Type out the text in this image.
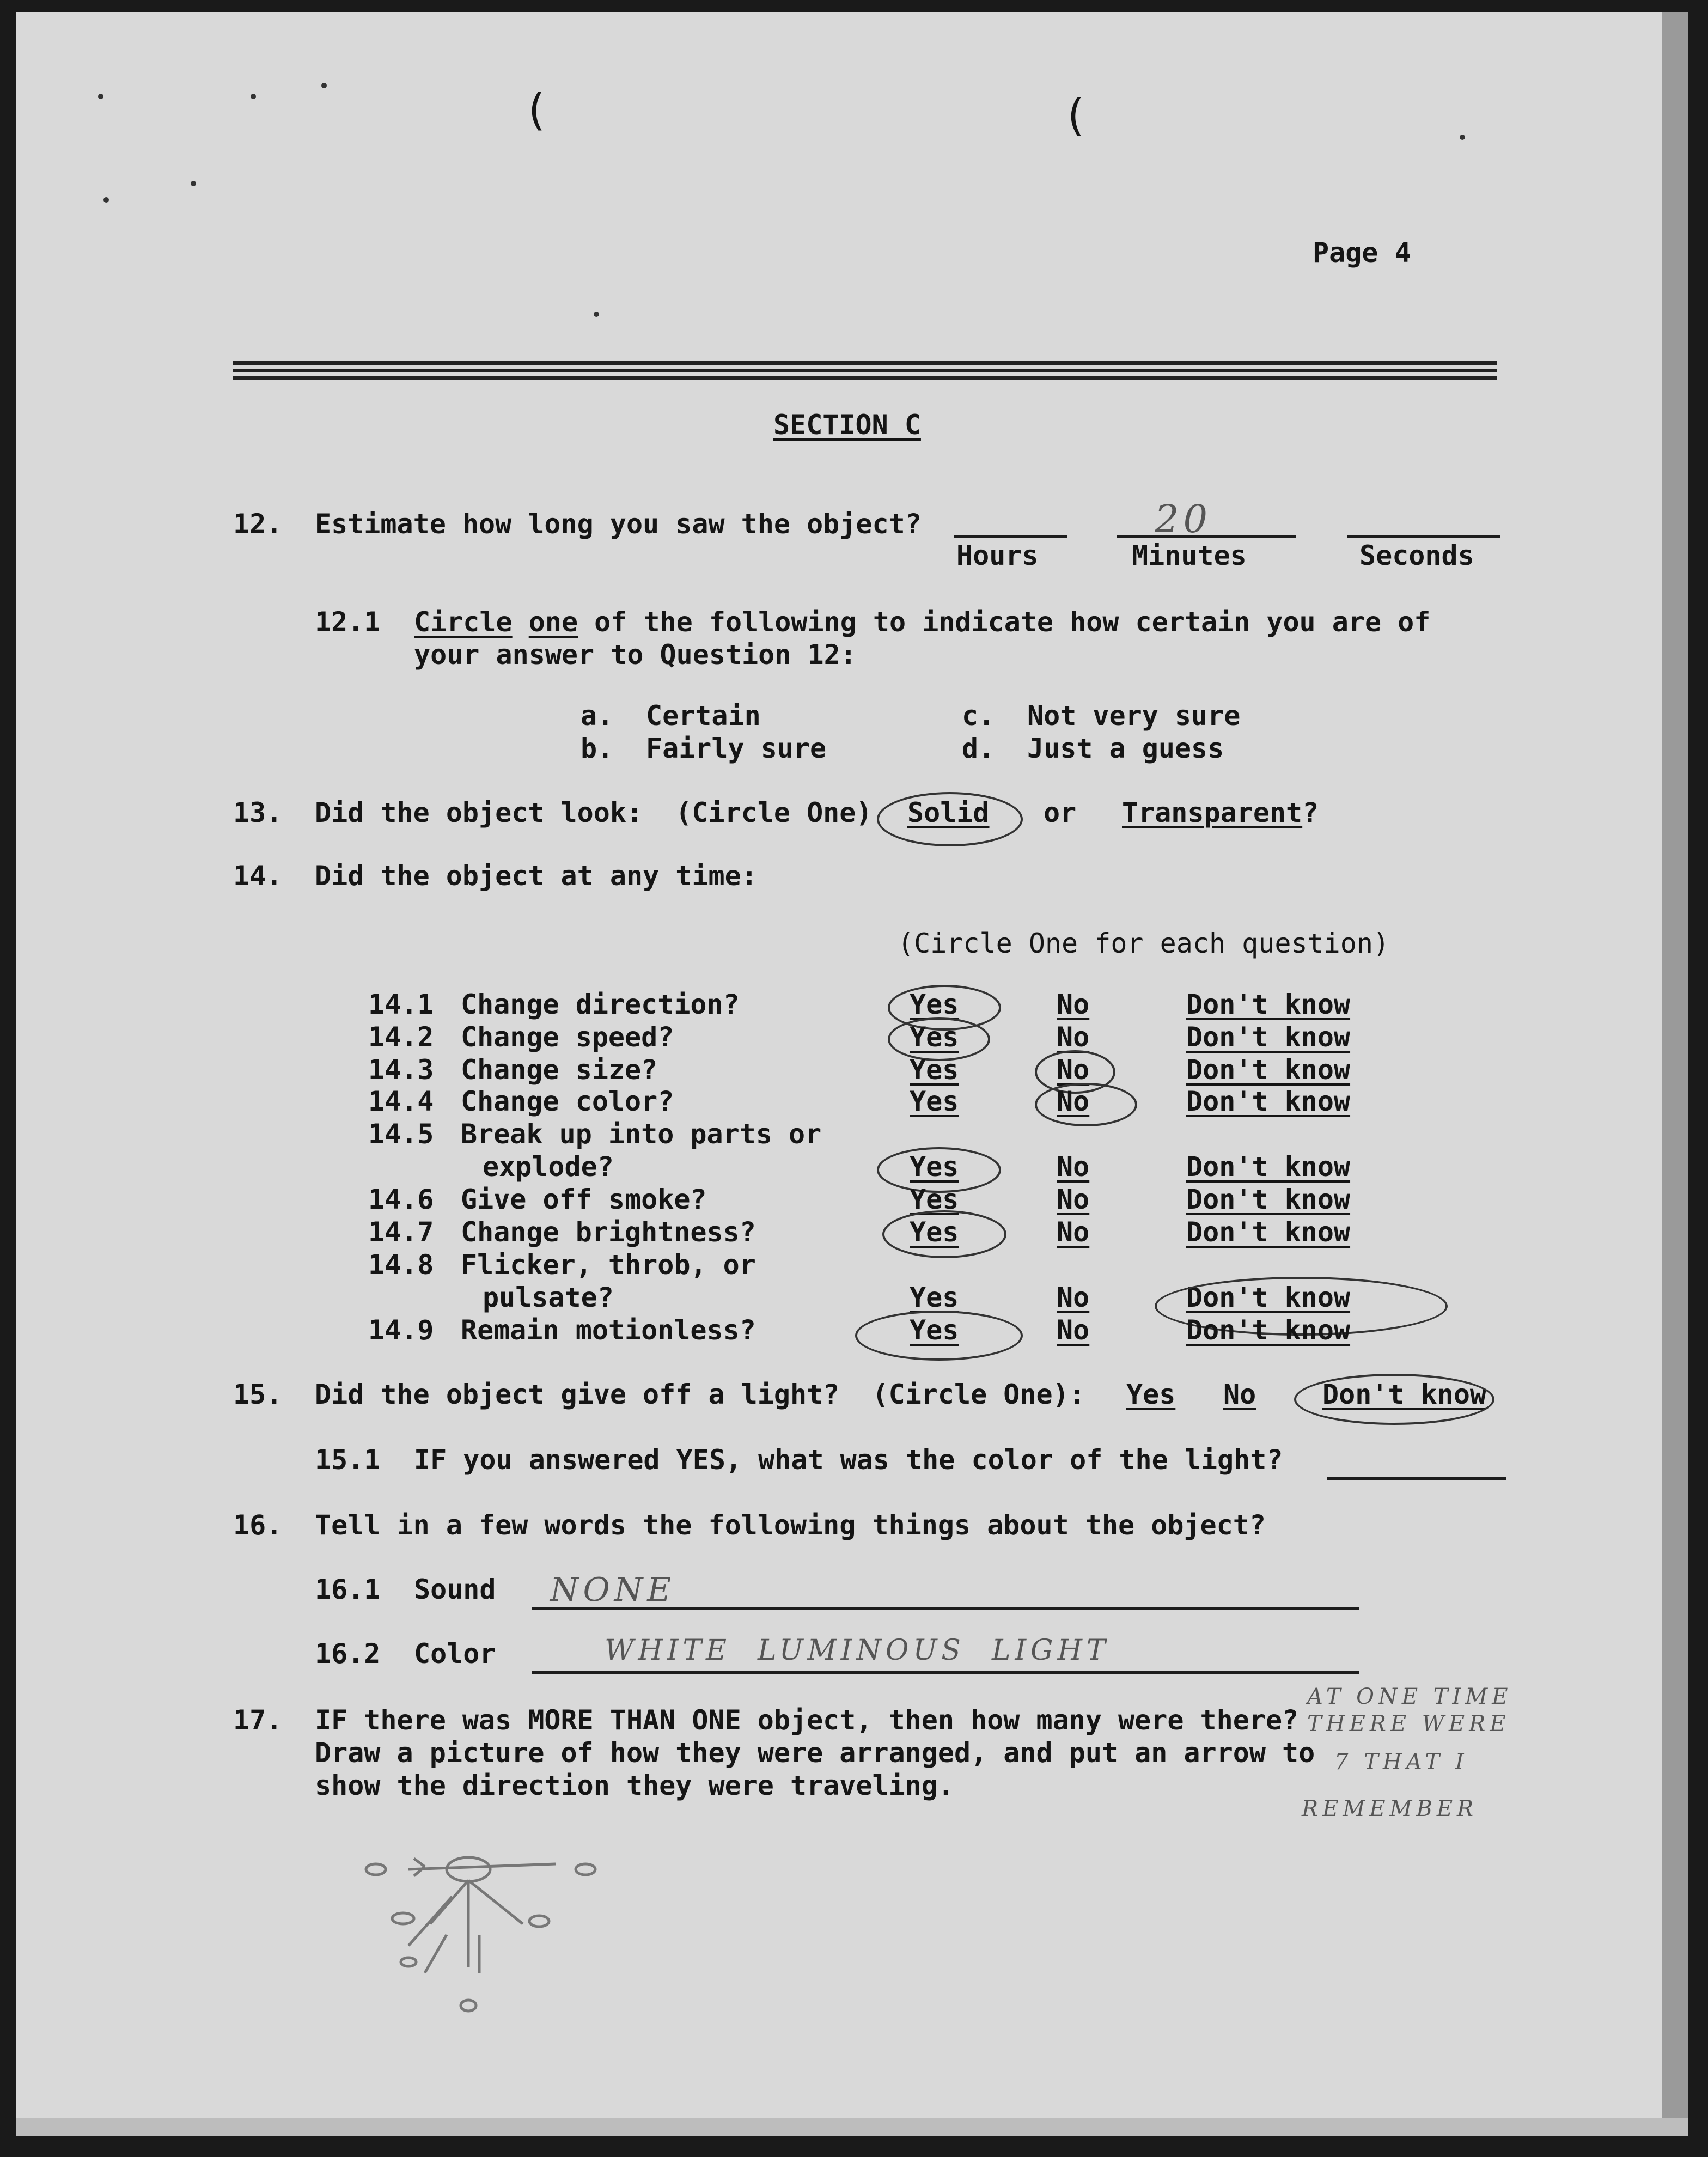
(	(
Page 4
SECTION C
12. Estimate how long you saw the object?	20
Hours	Minutes	Seconds
12.1 Circle one of the following to indicate how certain you are of
your answer to Question 12:
a. Certain
b. Fairly sure
c. Not very sure
d. Just a guess
13. Did the object look:  (Circle One) Solid or Transparent?
14. Did the object at any time:
(Circle One for each question)
14.1 Change direction?	Yes	No	Don't know
14.2 Change speed?	Yes	No	Don't know
14.3 Change size?	Yes	No	Don't know
14.4 Change color?	Yes	No	Don't know
14.5 Break up into parts or
explode?	Yes	No	Don't know
14.6 Give off smoke?	Yes	No	Don't know
14.7 Change brightness?	Yes	No	Don't know
14.8 Flicker, throb, or
pulsate?	Yes	No	Don't know
14.9 Remain motionless?	Yes	No	Don't know
15. Did the object give off a light?  (Circle One): Yes No Don't know
15.1 IF you answered YES, what was the color of the light?
16. Tell in a few words the following things about the object?
16.1 Sound NONE
16.2 Color	WHITE  LUMINOUS  LIGHT
17. IF there was MORE THAN ONE object, then how many were there?
Draw a picture of how they were arranged, and put an arrow to
show the direction they were traveling.
AT ONE TIME
THERE WERE
7 THAT I
REMEMBER
